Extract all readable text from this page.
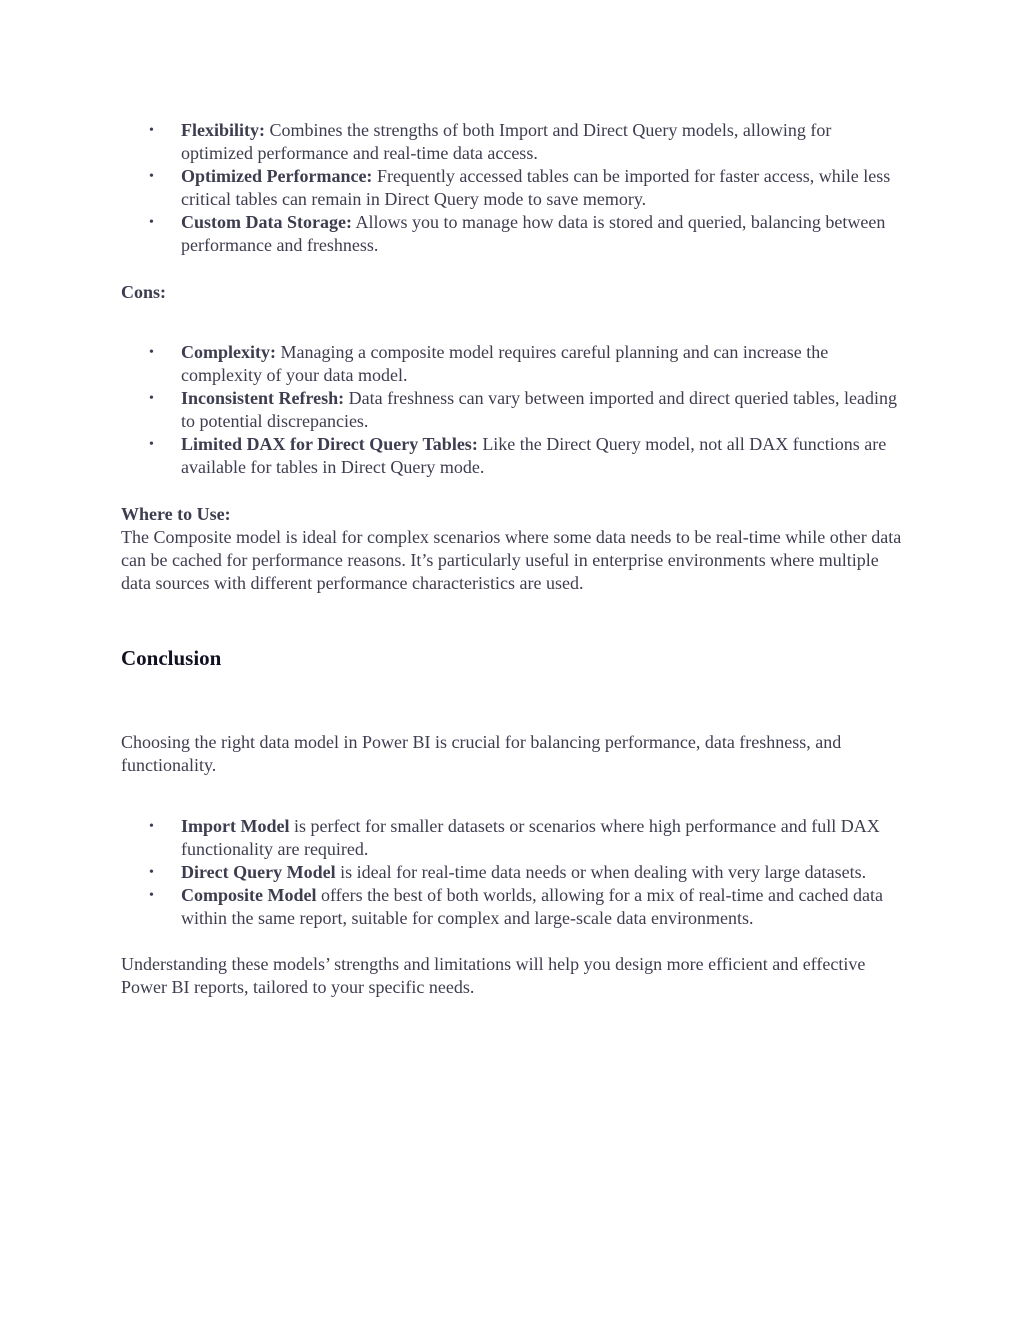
• Flexibility: Combines the strengths of both Import and Direct Query models, allowing for optimized performance and real-time data access.
• Optimized Performance: Frequently accessed tables can be imported for faster access, while less critical tables can remain in Direct Query mode to save memory.
• Custom Data Storage: Allows you to manage how data is stored and queried, balancing between performance and freshness.

Cons:

• Complexity: Managing a composite model requires careful planning and can increase the complexity of your data model.
• Inconsistent Refresh: Data freshness can vary between imported and direct queried tables, leading to potential discrepancies.
• Limited DAX for Direct Query Tables: Like the Direct Query model, not all DAX functions are available for tables in Direct Query mode.

Where to Use:

The Composite model is ideal for complex scenarios where some data needs to be real-time while other data can be cached for performance reasons. It’s particularly useful in enterprise environments where multiple data sources with different performance characteristics are used.

Conclusion

Choosing the right data model in Power BI is crucial for balancing performance, data freshness, and functionality.

• Import Model is perfect for smaller datasets or scenarios where high performance and full DAX functionality are required.
• Direct Query Model is ideal for real-time data needs or when dealing with very large datasets.
• Composite Model offers the best of both worlds, allowing for a mix of real-time and cached data within the same report, suitable for complex and large-scale data environments.

Understanding these models’ strengths and limitations will help you design more efficient and effective Power BI reports, tailored to your specific needs.
